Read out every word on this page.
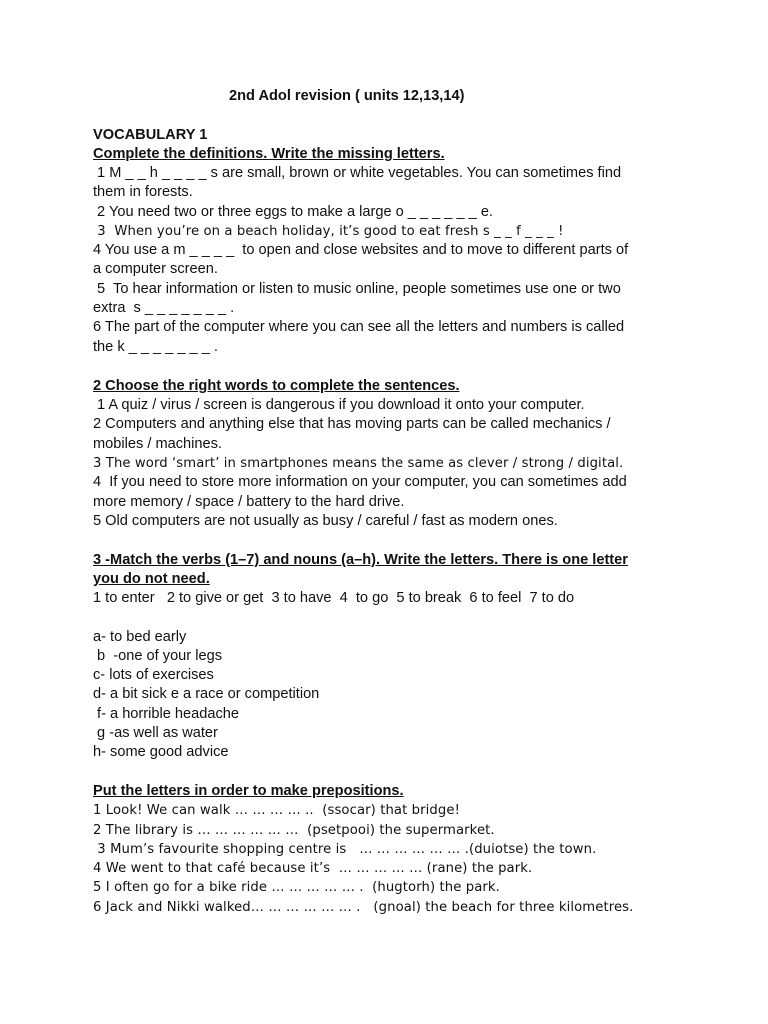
2nd Adol revision ( units 12,13,14)
VOCABULARY 1
Complete the definitions. Write the missing letters.
1 M _ _ h _ _ _ _ s are small, brown or white vegetables. You can sometimes find
them in forests.
2 You need two or three eggs to make a large o _ _ _ _ _ _ e.
3  When you’re on a beach holiday, it’s good to eat fresh s _ _ f _ _ _ !
4 You use a m _ _ _ _  to open and close websites and to move to different parts of
a computer screen.
5  To hear information or listen to music online, people sometimes use one or two
extra  s _ _ _ _ _ _ _ .
6 The part of the computer where you can see all the letters and numbers is called
the k _ _ _ _ _ _ _ .
2 Choose the right words to complete the sentences.
1 A quiz / virus / screen is dangerous if you download it onto your computer.
2 Computers and anything else that has moving parts can be called mechanics /
mobiles / machines.
3 The word ‘smart’ in smartphones means the same as clever / strong / digital.
4  If you need to store more information on your computer, you can sometimes add
more memory / space / battery to the hard drive.
5 Old computers are not usually as busy / careful / fast as modern ones.
3 -Match the verbs (1–7) and nouns (a–h). Write the letters. There is one letter
you do not need.
1 to enter   2 to give or get  3 to have  4  to go  5 to break  6 to feel  7 to do
a- to bed early
b  -one of your legs
c- lots of exercises
d- a bit sick e a race or competition
f- a horrible headache
g -as well as water
h- some good advice
Put the letters in order to make prepositions.
1 Look! We can walk … … … … ..  (ssocar) that bridge!
2 The library is … … … … … …  (psetpooi) the supermarket.
3 Mum’s favourite shopping centre is   … … … … … … .(duiotse) the town.
4 We went to that café because it’s  … … … … … (rane) the park.
5 I often go for a bike ride … … … … … .  (hugtorh) the park.
6 Jack and Nikki walked… … … … … … .   (gnoal) the beach for three kilometres.
